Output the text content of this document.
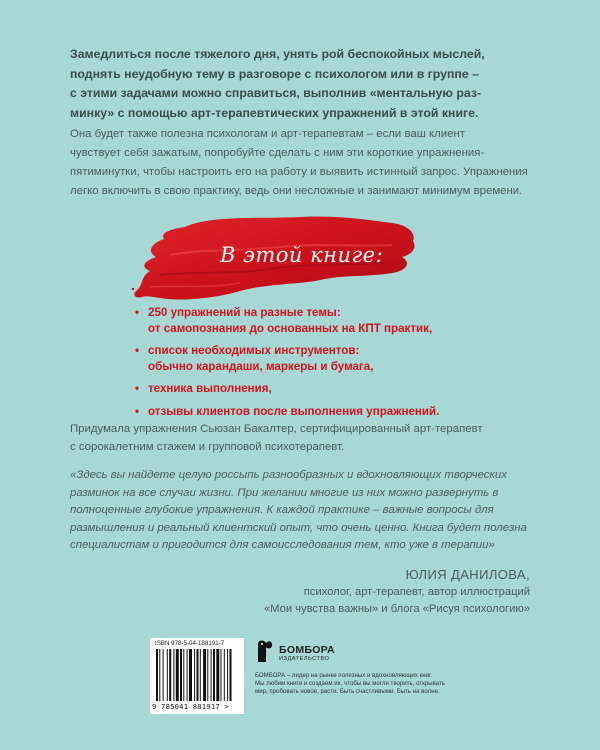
Замедлиться после тяжелого дня, унять рой беспокойных мыслей,
поднять неудобную тему в разговоре с психологом или в группе –
с этими задачами можно справиться, выполнив «ментальную раз-
минку» с помощью арт-терапевтических упражнений в этой книге.
Она будет также полезна психологам и арт-терапевтам – если ваш клиент
чувствует себя зажатым, попробуйте сделать с ним эти короткие упражнения-
пятиминутки, чтобы настроить его на работу и выявить истинный запрос. Упражнения
легко включить в свою практику, ведь они несложные и занимают минимум времени.
В этой книге:
• 250 упражнений на разные темы:
от самопознания до основанных на КПТ практик,
• список необходимых инструментов:
обычно карандаши, маркеры и бумага,
• техника выполнения,
• отзывы клиентов после выполнения упражнений.
Придумала упражнения Сьюзан Бакалтер, сертифицированный арт-терапевт
с сорокалетним стажем и групповой психотерапевт.
«Здесь вы найдете целую россыпь разнообразных и вдохновляющих творческих
разминок на все случаи жизни. При желании многие из них можно развернуть в
полноценные глубокие упражнения. К каждой практике – важные вопросы для
размышления и реальный клиентский опыт, что очень ценно. Книга будет полезна
специалистам и пригодится для самоисследования тем, кто уже в терапии»
ЮЛИЯ ДАНИЛОВА,
психолог, арт-терапевт, автор иллюстраций
«Мои чувства важны» и блога «Рисуя психологию»
ISBN 978-5-04-188191-7
9 785041 881917 >
БОМБОРА
ИЗДАТЕЛЬСТВО
БОМБОРА – лидер на рынке полезных и вдохновляющих книг.
Мы любим книги и создаем их, чтобы вы могли творить, открывать
мир, пробовать новое, расти. Быть счастливыми. Быть на волне.
